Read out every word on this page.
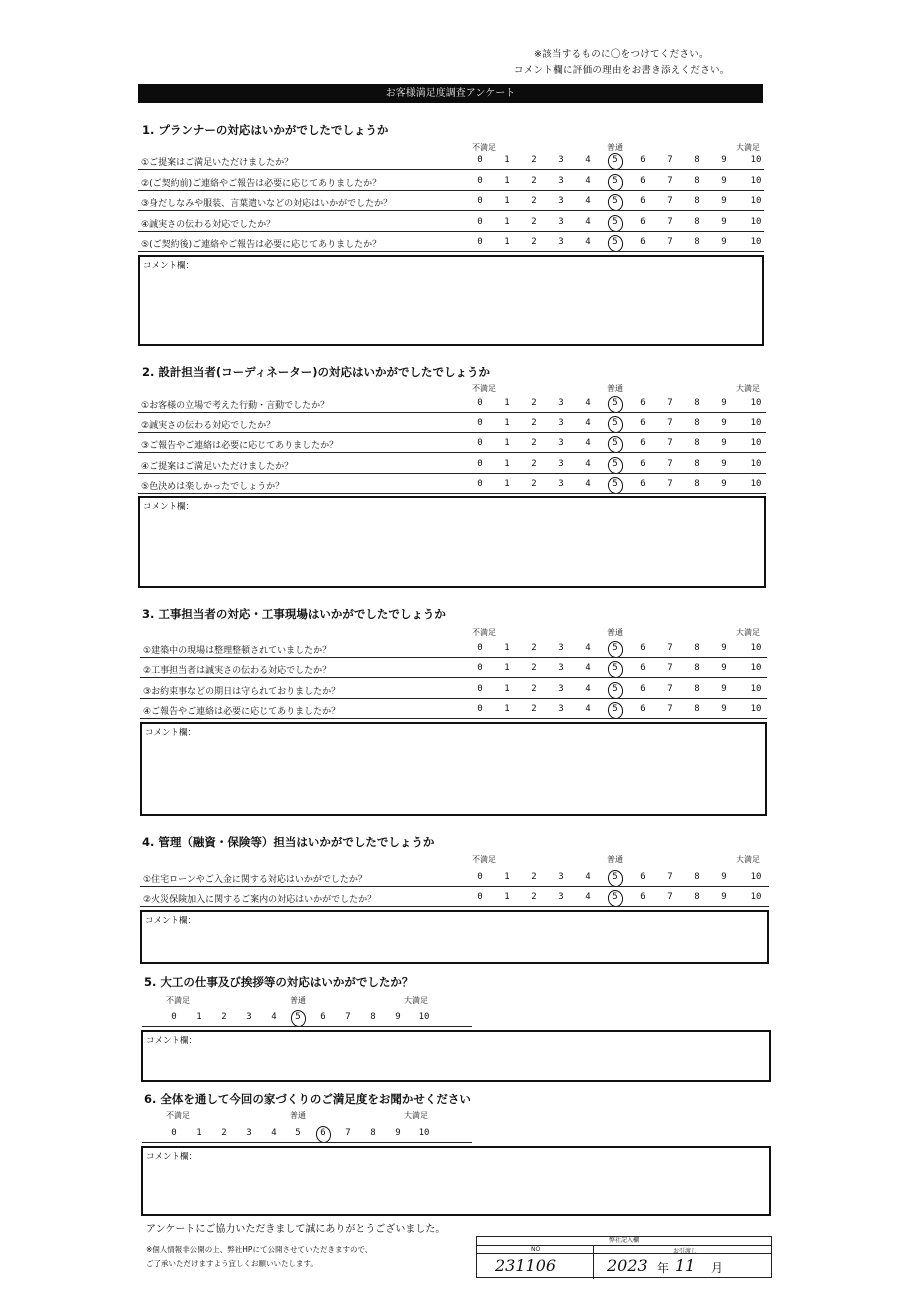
※該当するものに〇をつけてください。
コメント欄に評価の理由をお書き添えください。
お客様満足度調査アンケート
1. プランナーの対応はいかがでしたでしょうか
不満足	普通	大満足
①ご提案はご満足いただけましたか？	0	1	2	3	4	5	6	7	8	9	10
②(ご契約前)ご連絡やご報告は必要に応じてありましたか？	0	1	2	3	4	5	6	7	8	9	10
③身だしなみや服装、言葉遣いなどの対応はいかがでしたか？	0	1	2	3	4	5	6	7	8	9	10
④誠実さの伝わる対応でしたか？	0	1	2	3	4	5	6	7	8	9	10
⑤(ご契約後)ご連絡やご報告は必要に応じてありましたか？	0	1	2	3	4	5	6	7	8	9	10
コメント欄：
2. 設計担当者(コーディネーター)の対応はいかがでしたでしょうか
不満足	普通	大満足
①お客様の立場で考えた行動・言動でしたか？	0	1	2	3	4	5	6	7	8	9	10
②誠実さの伝わる対応でしたか？	0	1	2	3	4	5	6	7	8	9	10
③ご報告やご連絡は必要に応じてありましたか？	0	1	2	3	4	5	6	7	8	9	10
④ご提案はご満足いただけましたか？	0	1	2	3	4	5	6	7	8	9	10
⑤色決めは楽しかったでしょうか？	0	1	2	3	4	5	6	7	8	9	10
コメント欄：
3. 工事担当者の対応・工事現場はいかがでしたでしょうか
不満足	普通	大満足
①建築中の現場は整理整頓されていましたか？	0	1	2	3	4	5	6	7	8	9	10
②工事担当者は誠実さの伝わる対応でしたか？	0	1	2	3	4	5	6	7	8	9	10
③お約束事などの期日は守られておりましたか？	0	1	2	3	4	5	6	7	8	9	10
④ご報告やご連絡は必要に応じてありましたか？	0	1	2	3	4	5	6	7	8	9	10
コメント欄：
4. 管理（融資・保険等）担当はいかがでしたでしょうか
不満足	普通	大満足
①住宅ローンやご入金に関する対応はいかがでしたか？	0	1	2	3	4	5	6	7	8	9	10
②火災保険加入に関するご案内の対応はいかがでしたか？	0	1	2	3	4	5	6	7	8	9	10
コメント欄：
5. 大工の仕事及び挨拶等の対応はいかがでしたか？
不満足	普通	大満足
0	1	2	3	4	5	6	7	8	9	10
コメント欄：
6. 全体を通して今回の家づくりのご満足度をお聞かせください
不満足	普通	大満足
0	1	2	3	4	5	6	7	8	9	10
コメント欄：
アンケートにご協力いただきまして誠にありがとうございました。
※個人情報非公開の上、弊社HPにて公開させていただきますので、
ご了承いただけますよう宜しくお願いいたします。
弊社記入欄
NO	お引渡し
231106	2023 年 11 月
